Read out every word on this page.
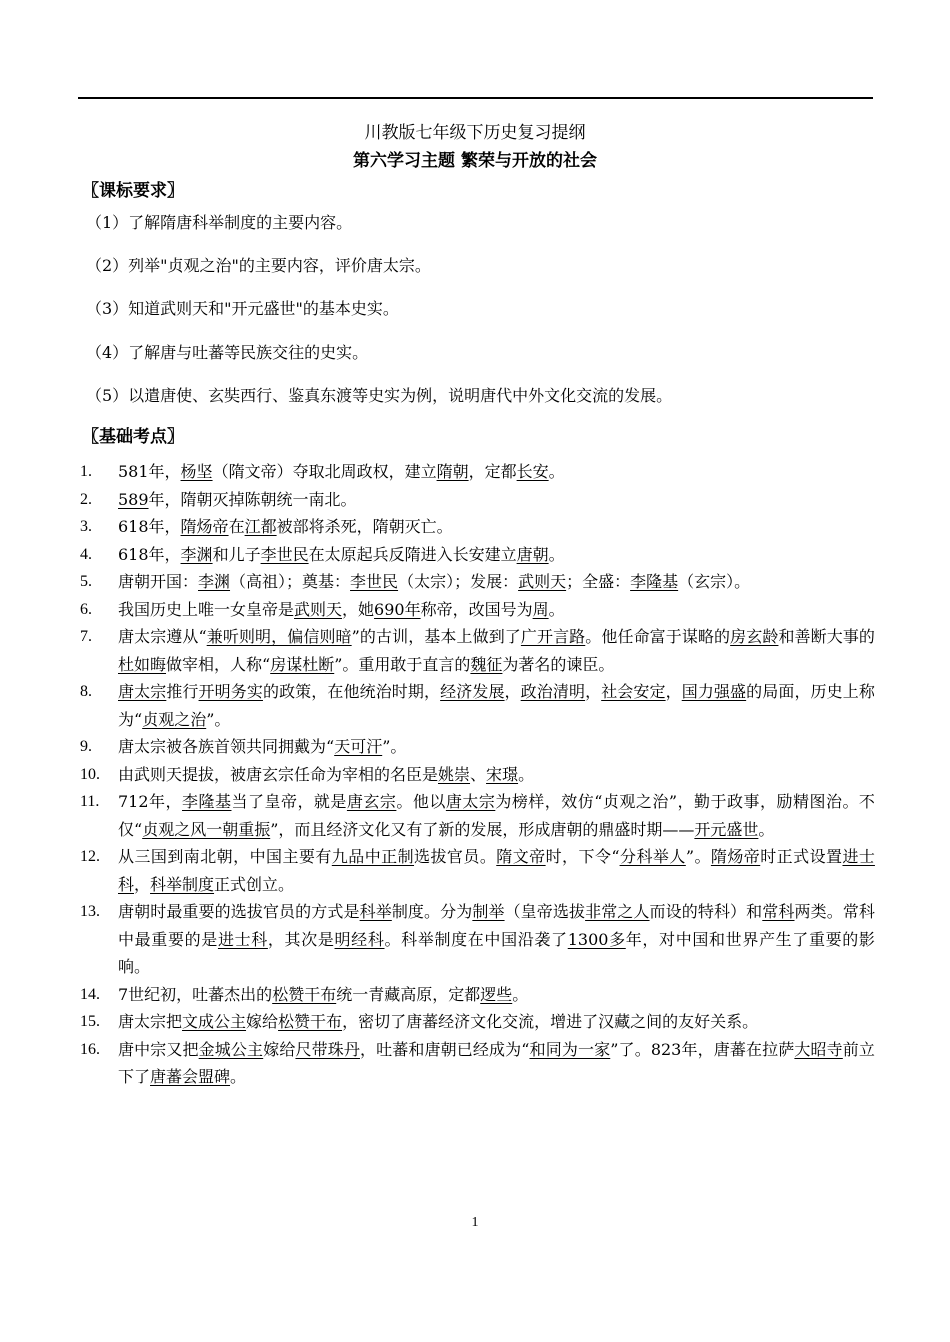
川教版七年级下历史复习提纲
第六学习主题 繁荣与开放的社会
〖课标要求〗
（1）了解隋唐科举制度的主要内容。
（2）列举"贞观之治"的主要内容，评价唐太宗。
（3）知道武则天和"开元盛世"的基本史实。
（4）了解唐与吐蕃等民族交往的史实。
（5）以遣唐使、玄奘西行、鉴真东渡等史实为例，说明唐代中外文化交流的发展。
〖基础考点〗
1.	581年，杨坚（隋文帝）夺取北周政权，建立隋朝，定都长安。
2.	589年，隋朝灭掉陈朝统一南北。
3.	618年，隋炀帝在江都被部将杀死，隋朝灭亡。
4.	618年，李渊和儿子李世民在太原起兵反隋进入长安建立唐朝。
5.	唐朝开国：李渊（高祖）；奠基：李世民（太宗）；发展：武则天；全盛：李隆基（玄宗）。
6.	我国历史上唯一女皇帝是武则天，她690年称帝，改国号为周。
7.	唐太宗遵从“兼听则明，偏信则暗”的古训，基本上做到了广开言路。他任命富于谋略的房玄龄和善断大事的杜如晦做宰相，人称“房谋杜断”。重用敢于直言的魏征为著名的谏臣。
8.	唐太宗推行开明务实的政策，在他统治时期，经济发展，政治清明，社会安定，国力强盛的局面，历史上称为“贞观之治”。
9.	唐太宗被各族首领共同拥戴为“天可汗”。
10.	由武则天提拔，被唐玄宗任命为宰相的名臣是姚崇、宋璟。
11.	712年，李隆基当了皇帝，就是唐玄宗。他以唐太宗为榜样，效仿“贞观之治”，勤于政事，励精图治。不仅“贞观之风一朝重振”，而且经济文化又有了新的发展，形成唐朝的鼎盛时期——开元盛世。
12.	从三国到南北朝，中国主要有九品中正制选拔官员。隋文帝时，下令“分科举人”。隋炀帝时正式设置进士科，科举制度正式创立。
13.	唐朝时最重要的选拔官员的方式是科举制度。分为制举（皇帝选拔非常之人而设的特科）和常科两类。常科中最重要的是进士科，其次是明经科。科举制度在中国沿袭了1300多年，对中国和世界产生了重要的影响。
14.	7世纪初，吐蕃杰出的松赞干布统一青藏高原，定都逻些。
15.	唐太宗把文成公主嫁给松赞干布，密切了唐蕃经济文化交流，增进了汉藏之间的友好关系。
16.	唐中宗又把金城公主嫁给尺带珠丹，吐蕃和唐朝已经成为“和同为一家”了。823年，唐蕃在拉萨大昭寺前立下了唐蕃会盟碑。
1
